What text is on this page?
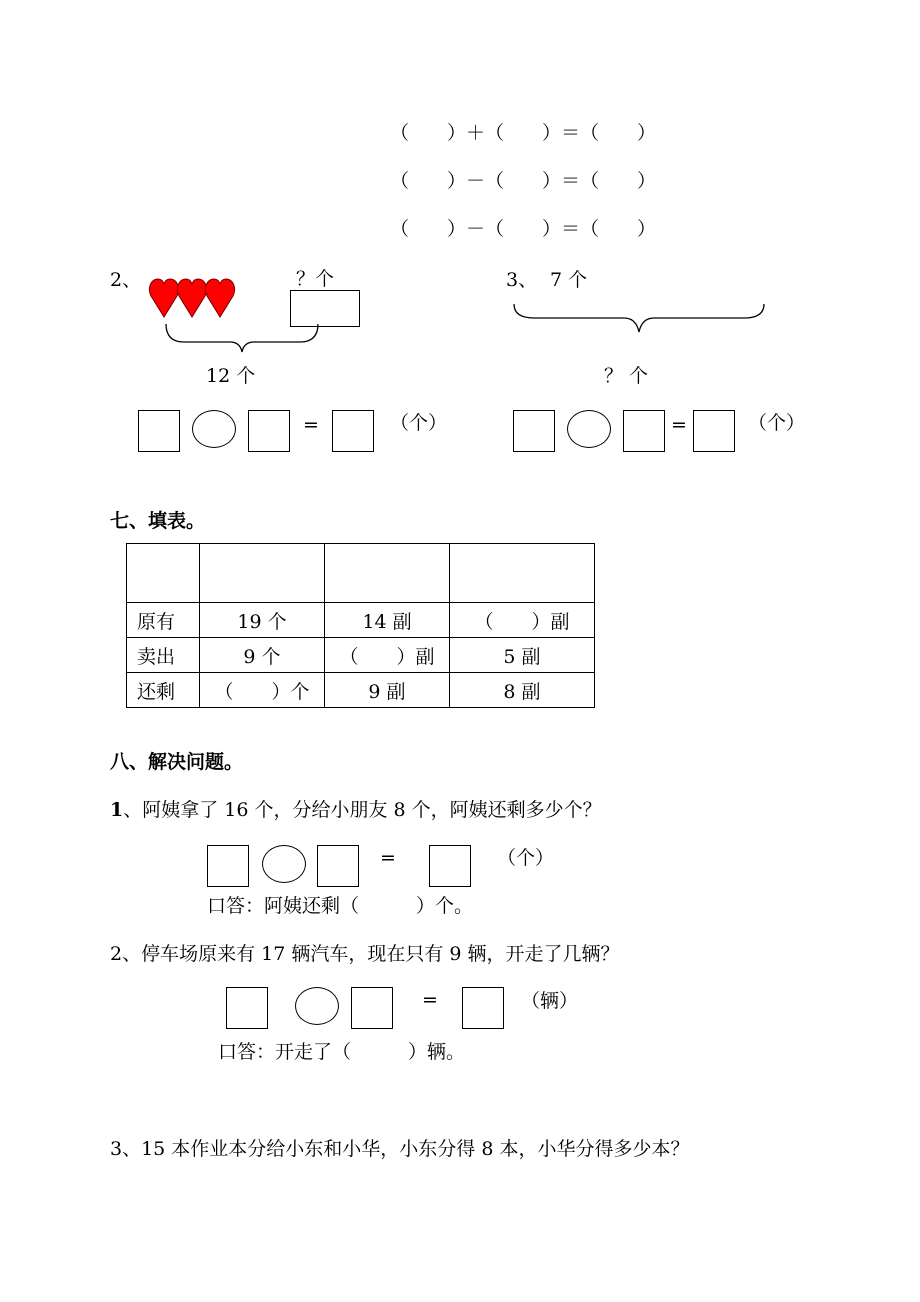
（　　）＋（　　）＝（　　）
（　　）－（　　）＝（　　）
（　　）－（　　）＝（　　）
2、	？个
12 个
=	（个）
3、 7 个
？ 个
=	（个）
七、填表。

原有	19 个	14 副	（　　）副
卖出	9 个	（　　）副	5 副
还剩	（　　）个	9 副	8 副
八、解决问题。
1、阿姨拿了 16 个，分给小朋友 8 个，阿姨还剩多少个？
=	（个）
口答：阿姨还剩（　　　）个。
2、停车场原来有 17 辆汽车，现在只有 9 辆，开走了几辆？
=	（辆）
口答：开走了（　　　）辆。
3、15 本作业本分给小东和小华，小东分得 8 本，小华分得多少本？
